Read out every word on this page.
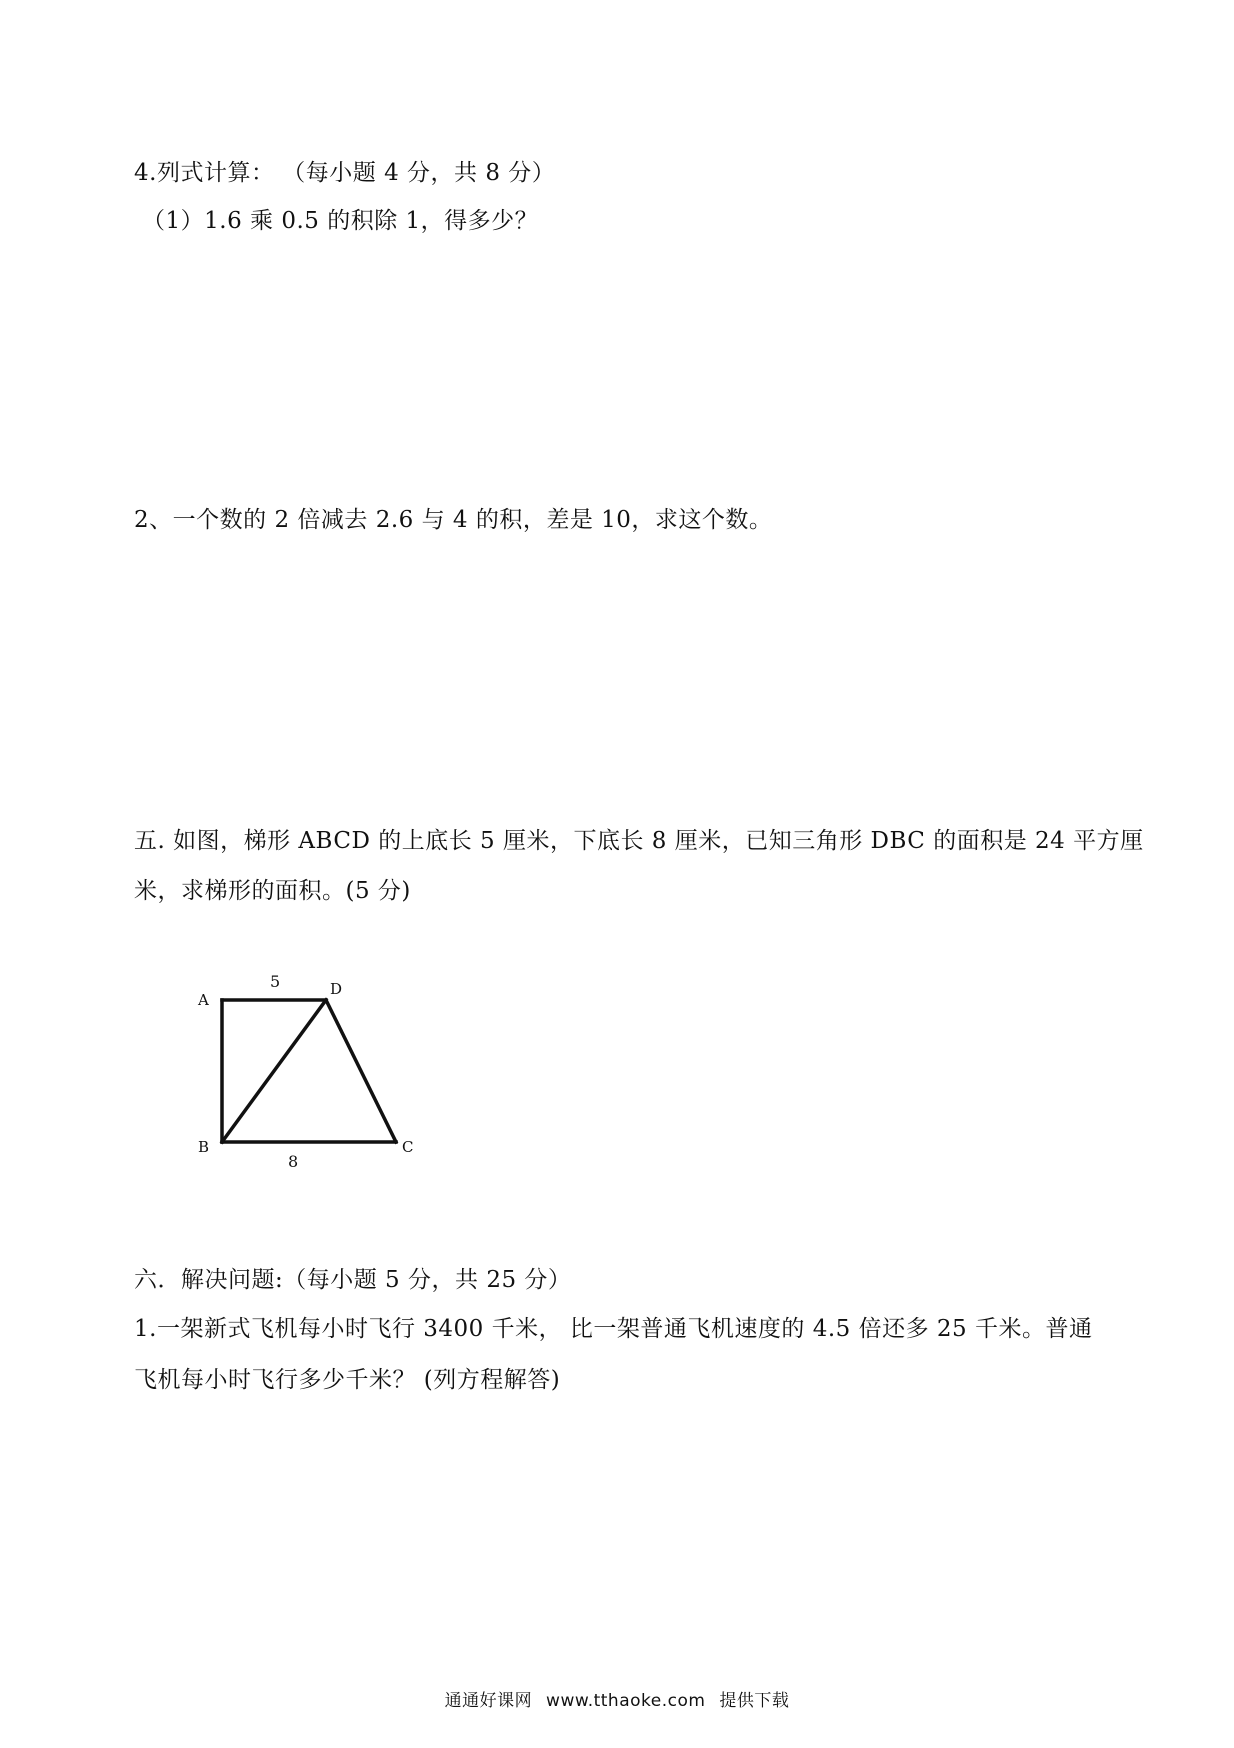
4.列式计算： （每小题 4 分，共 8 分）
（1）1.6 乘 0.5 的积除 1，得多少？
2、一个数的 2 倍减去 2.6 与 4 的积，差是 10，求这个数。
五. 如图，梯形 ABCD 的上底长 5 厘米，下底长 8 厘米，已知三角形 DBC 的面积是 24 平方厘
米，求梯形的面积。(5 分)
A
B	C
D
5
8
六．解决问题:（每小题 5 分，共 25 分）
1.一架新式飞机每小时飞行 3400 千米， 比一架普通飞机速度的 4.5 倍还多 25 千米。普通
飞机每小时飞行多少千米？ (列方程解答)
通通好课网 www.tthaoke.com 提供下载
